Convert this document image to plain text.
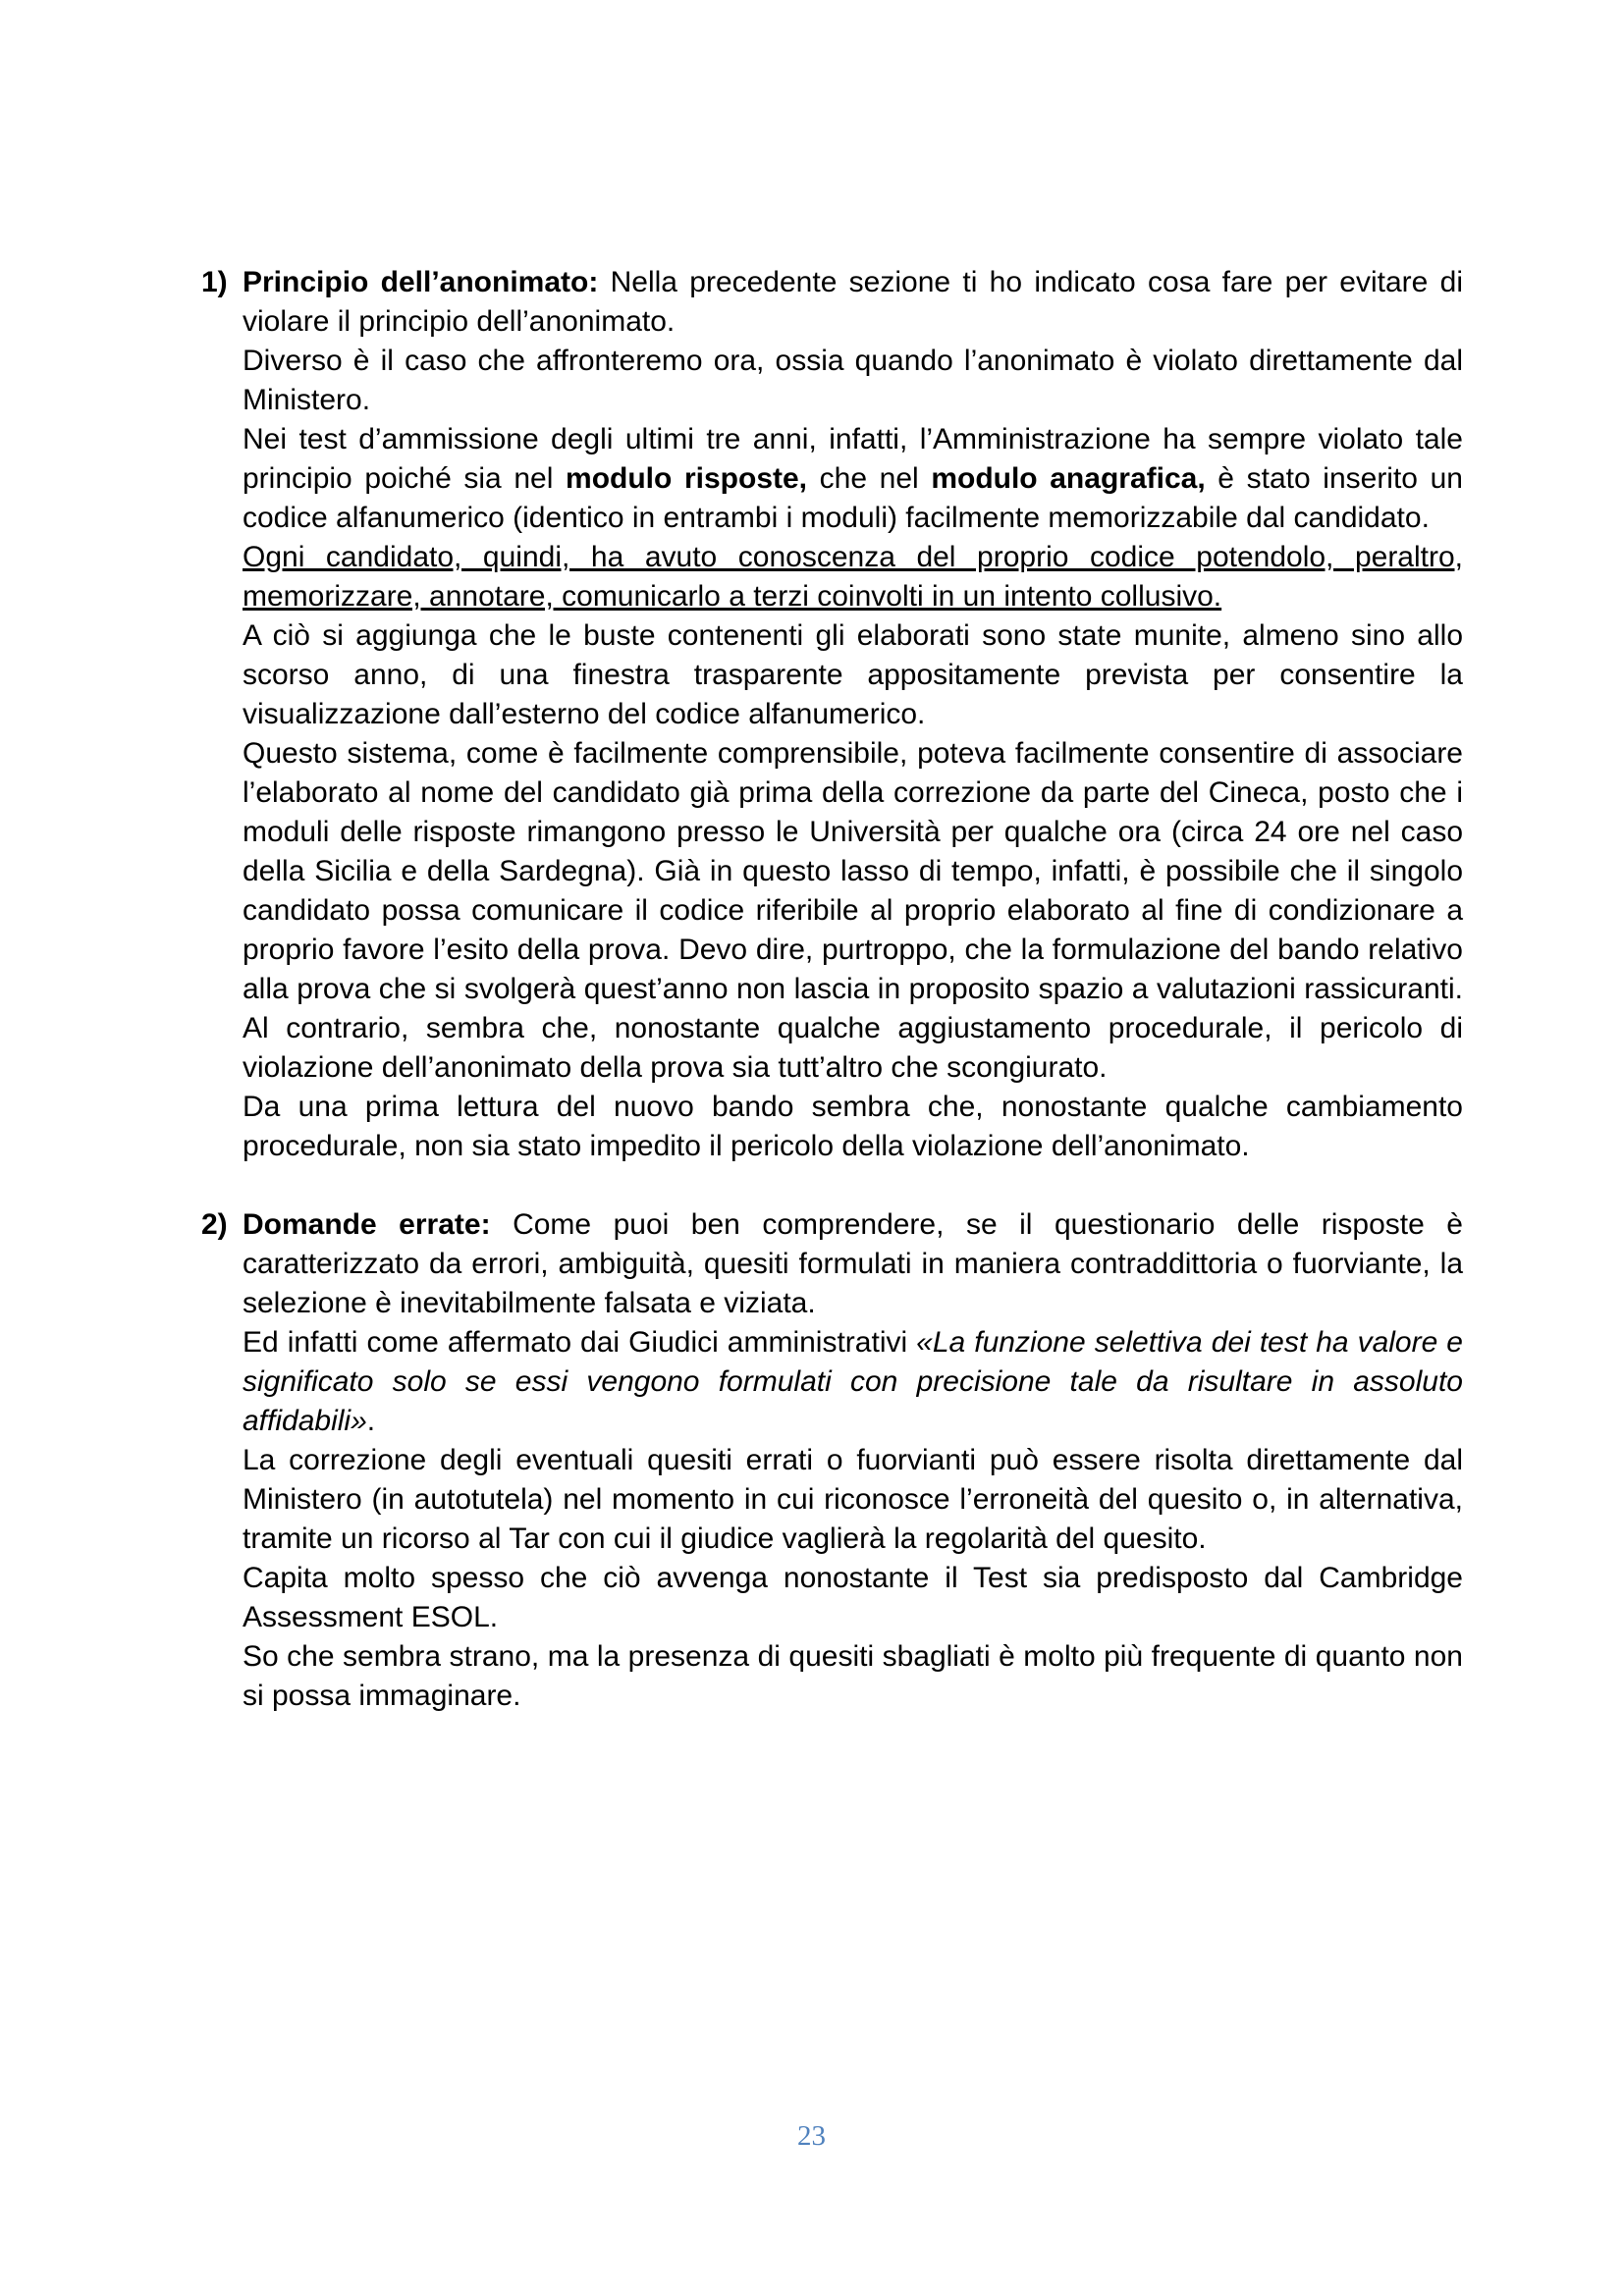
1) Principio dell’anonimato: Nella precedente sezione ti ho indicato cosa fare per evitare di violare il principio dell’anonimato.
Diverso è il caso che affronteremo ora, ossia quando l’anonimato è violato direttamente dal Ministero.
Nei test d’ammissione degli ultimi tre anni, infatti, l’Amministrazione ha sempre violato tale principio poiché sia nel modulo risposte, che nel modulo anagrafica, è stato inserito un codice alfanumerico (identico in entrambi i moduli) facilmente memorizzabile dal candidato.
Ogni candidato, quindi, ha avuto conoscenza del proprio codice potendolo, peraltro, memorizzare, annotare, comunicarlo a terzi coinvolti in un intento collusivo.
A ciò si aggiunga che le buste contenenti gli elaborati sono state munite, almeno sino allo scorso anno, di una finestra trasparente appositamente prevista per consentire la visualizzazione dall’esterno del codice alfanumerico.
Questo sistema, come è facilmente comprensibile, poteva facilmente consentire di associare l’elaborato al nome del candidato già prima della correzione da parte del Cineca, posto che i moduli delle risposte rimangono presso le Università per qualche ora (circa 24 ore nel caso della Sicilia e della Sardegna). Già in questo lasso di tempo, infatti, è possibile che il singolo candidato possa comunicare il codice riferibile al proprio elaborato al fine di condizionare a proprio favore l’esito della prova. Devo dire, purtroppo, che la formulazione del bando relativo alla prova che si svolgerà quest’anno non lascia in proposito spazio a valutazioni rassicuranti. Al contrario, sembra che, nonostante qualche aggiustamento procedurale, il pericolo di violazione dell’anonimato della prova sia tutt’altro che scongiurato.
Da una prima lettura del nuovo bando sembra che, nonostante qualche cambiamento procedurale, non sia stato impedito il pericolo della violazione dell’anonimato.
2) Domande errate: Come puoi ben comprendere, se il questionario delle risposte è caratterizzato da errori, ambiguità, quesiti formulati in maniera contraddittoria o fuorviante, la selezione è inevitabilmente falsata e viziata.
Ed infatti come affermato dai Giudici amministrativi «La funzione selettiva dei test ha valore e significato solo se essi vengono formulati con precisione tale da risultare in assoluto affidabili».
La correzione degli eventuali quesiti errati o fuorvianti può essere risolta direttamente dal Ministero (in autotutela) nel momento in cui riconosce l’erroneità del quesito o, in alternativa, tramite un ricorso al Tar con cui il giudice vaglierà la regolarità del quesito.
Capita molto spesso che ciò avvenga nonostante il Test sia predisposto dal Cambridge Assessment ESOL.
So che sembra strano, ma la presenza di quesiti sbagliati è molto più frequente di quanto non si possa immaginare.
23
